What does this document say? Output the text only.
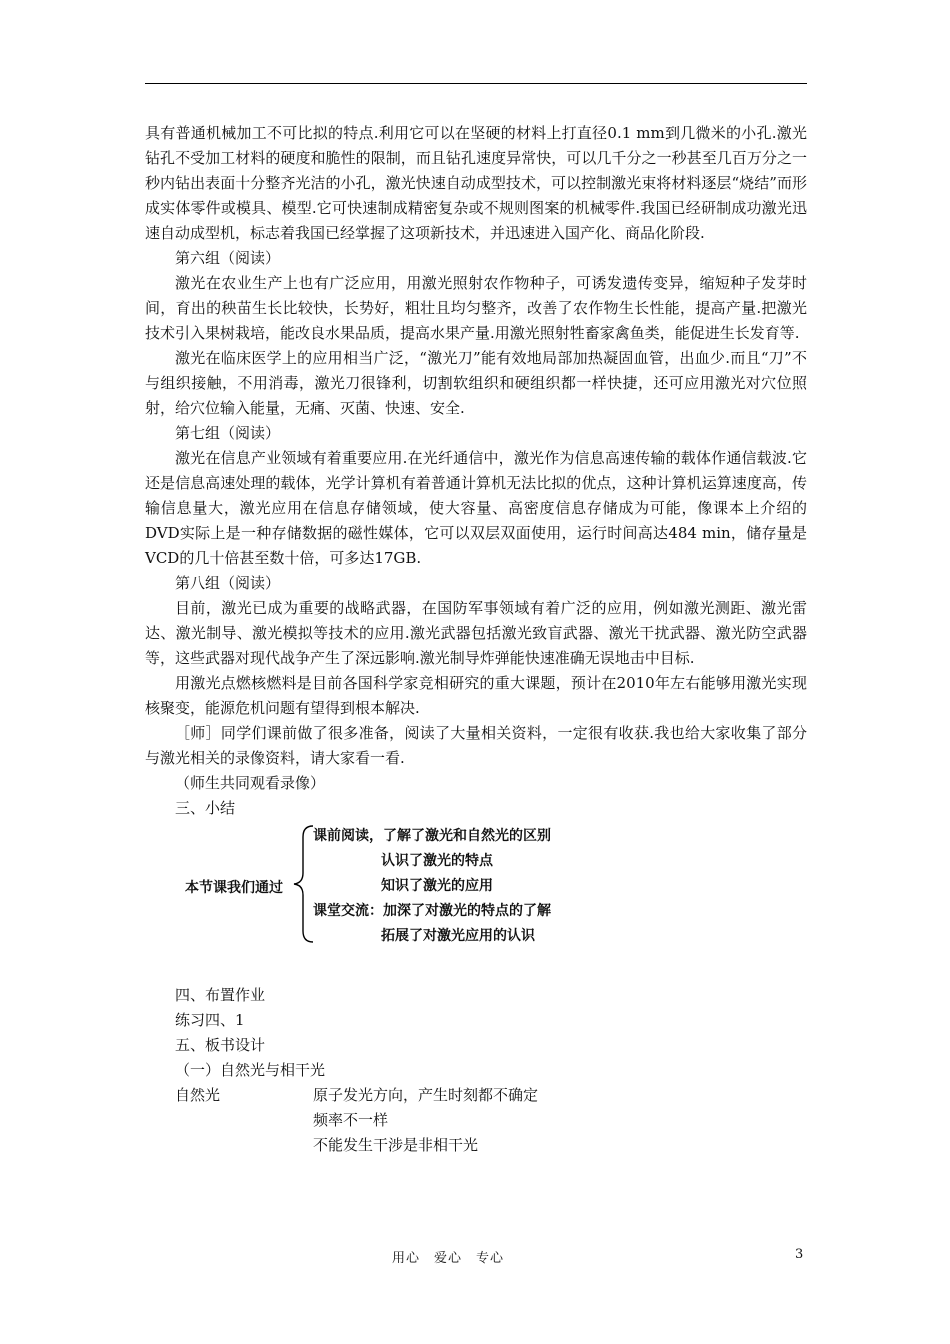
具有普通机械加工不可比拟的特点.利用它可以在坚硬的材料上打直径0.1 mm到几微米的小孔.激光钻孔不受加工材料的硬度和脆性的限制，而且钻孔速度异常快，可以几千分之一秒甚至几百万分之一秒内钻出表面十分整齐光洁的小孔，激光快速自动成型技术，可以控制激光束将材料逐层“烧结”而形成实体零件或模具、模型.它可快速制成精密复杂或不规则图案的机械零件.我国已经研制成功激光迅速自动成型机，标志着我国已经掌握了这项新技术，并迅速进入国产化、商品化阶段.

第六组（阅读）

激光在农业生产上也有广泛应用，用激光照射农作物种子，可诱发遗传变异，缩短种子发芽时间，育出的秧苗生长比较快，长势好，粗壮且均匀整齐，改善了农作物生长性能，提高产量.把激光技术引入果树栽培，能改良水果品质，提高水果产量.用激光照射牲畜家禽鱼类，能促进生长发育等.

激光在临床医学上的应用相当广泛，“激光刀”能有效地局部加热凝固血管，出血少.而且“刀”不与组织接触，不用消毒，激光刀很锋利，切割软组织和硬组织都一样快捷，还可应用激光对穴位照射，给穴位输入能量，无痛、灭菌、快速、安全.

第七组（阅读）

激光在信息产业领域有着重要应用.在光纤通信中，激光作为信息高速传输的载体作通信载波.它还是信息高速处理的载体，光学计算机有着普通计算机无法比拟的优点，这种计算机运算速度高，传输信息量大，激光应用在信息存储领域，使大容量、高密度信息存储成为可能，像课本上介绍的DVD实际上是一种存储数据的磁性媒体，它可以双层双面使用，运行时间高达484 min，储存量是VCD的几十倍甚至数十倍，可多达17GB.

第八组（阅读）

目前，激光已成为重要的战略武器，在国防军事领域有着广泛的应用，例如激光测距、激光雷达、激光制导、激光模拟等技术的应用.激光武器包括激光致盲武器、激光干扰武器、激光防空武器等，这些武器对现代战争产生了深远影响.激光制导炸弹能快速准确无误地击中目标.

用激光点燃核燃料是目前各国科学家竞相研究的重大课题，预计在2010年左右能够用激光实现核聚变，能源危机问题有望得到根本解决.

［师］同学们课前做了很多准备，阅读了大量相关资料，一定很有收获.我也给大家收集了部分与激光相关的录像资料，请大家看一看.

（师生共同观看录像）

三、小结

本节课我们通过
课前阅读，了解了激光和自然光的区别
认识了激光的特点
知识了激光的应用
课堂交流：加深了对激光的特点的了解
拓展了对激光应用的认识

四、布置作业

练习四、1

五、板书设计

（一）自然光与相干光

自然光	原子发光方向，产生时刻都不确定
频率不一样
不能发生干涉是非相干光
用心　爱心　专心	3
